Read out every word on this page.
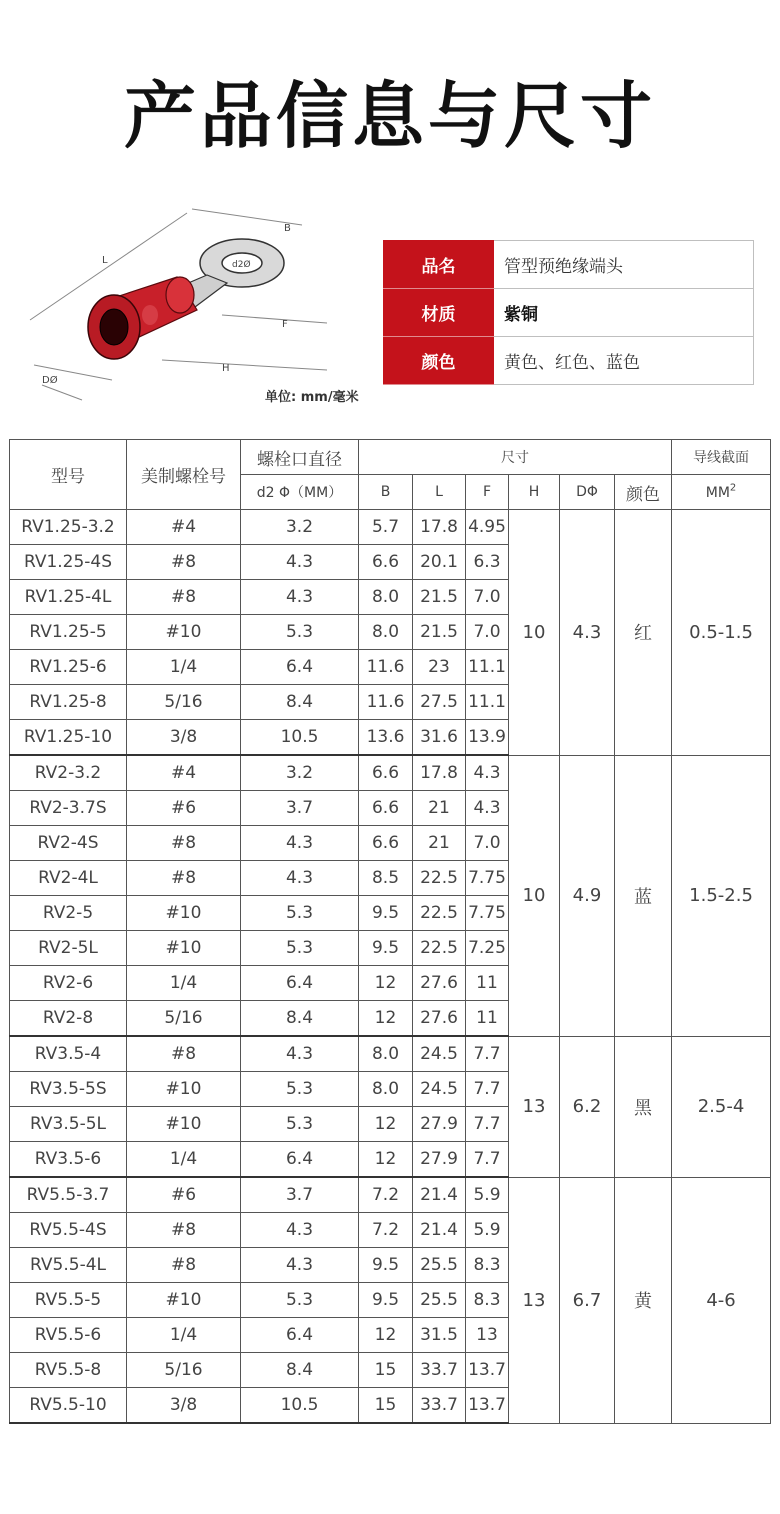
产品信息与尺寸
L
B
F
H
DØ
d2Ø
单位: mm/毫米
品名	管型预绝缘端头
材质	紫铜
颜色	黄色、红色、蓝色
型号	美制螺栓号	螺栓口直径	尺寸						导线截面
		d2 Φ（MM）	B	L	F	H	DΦ	颜色	$MM^2$
RV1.25-3.2	#4	3.2	5.7	17.8	4.95	10	4.3	红	0.5-1.5
RV1.25-4S	#8	4.3	6.6	20.1	6.3				
RV1.25-4L	#8	4.3	8.0	21.5	7.0				
RV1.25-5	#10	5.3	8.0	21.5	7.0				
RV1.25-6	1/4	6.4	11.6	23	11.1				
RV1.25-8	5/16	8.4	11.6	27.5	11.1				
RV1.25-10	3/8	10.5	13.6	31.6	13.9				
RV2-3.2	#4	3.2	6.6	17.8	4.3	10	4.9	蓝	1.5-2.5
RV2-3.7S	#6	3.7	6.6	21	4.3				
RV2-4S	#8	4.3	6.6	21	7.0				
RV2-4L	#8	4.3	8.5	22.5	7.75				
RV2-5	#10	5.3	9.5	22.5	7.75				
RV2-5L	#10	5.3	9.5	22.5	7.25				
RV2-6	1/4	6.4	12	27.6	11				
RV2-8	5/16	8.4	12	27.6	11				
RV3.5-4	#8	4.3	8.0	24.5	7.7	13	6.2	黑	2.5-4
RV3.5-5S	#10	5.3	8.0	24.5	7.7				
RV3.5-5L	#10	5.3	12	27.9	7.7				
RV3.5-6	1/4	6.4	12	27.9	7.7				
RV5.5-3.7	#6	3.7	7.2	21.4	5.9	13	6.7	黄	4-6
RV5.5-4S	#8	4.3	7.2	21.4	5.9				
RV5.5-4L	#8	4.3	9.5	25.5	8.3				
RV5.5-5	#10	5.3	9.5	25.5	8.3				
RV5.5-6	1/4	6.4	12	31.5	13				
RV5.5-8	5/16	8.4	15	33.7	13.7				
RV5.5-10	3/8	10.5	15	33.7	13.7				
